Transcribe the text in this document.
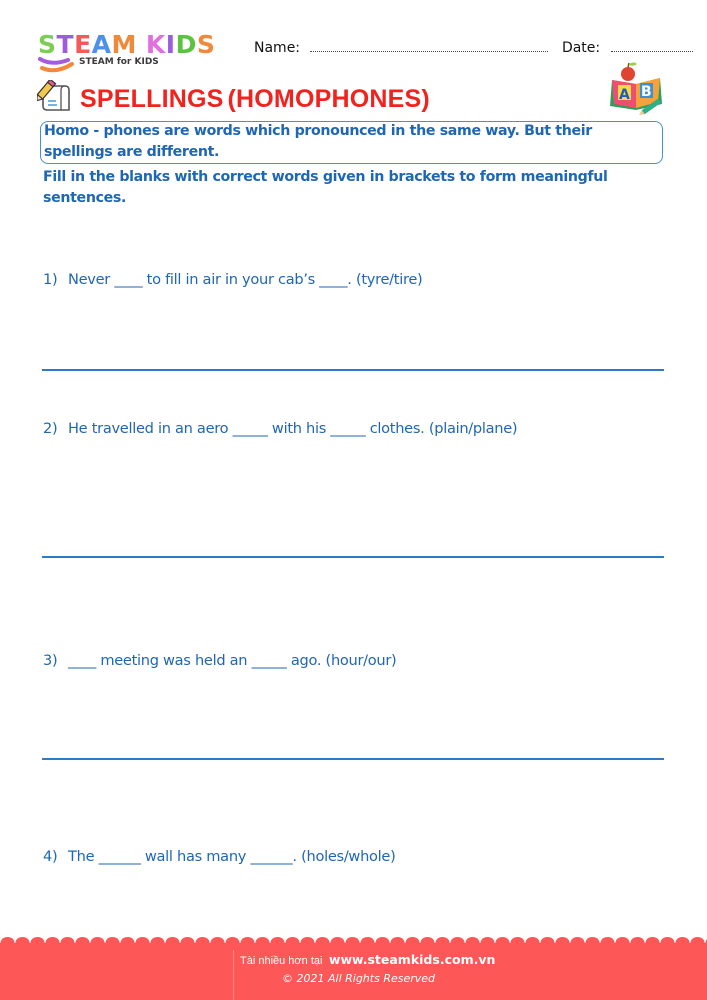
STEAM KIDS
STEAM for KIDS
Name:	Date:
SPELLINGS (HOMOPHONES)	A B
Homo - phones are words which pronounced in the same way. But their spellings are different.
Fill in the blanks with correct words given in brackets to form meaningful sentences.
1) Never ____ to fill in air in your cab’s ____. (tyre/tire)
2) He travelled in an aero _____ with his _____ clothes. (plain/plane)
3) ____ meeting was held an _____ ago. (hour/our)
4) The ______ wall has many ______. (holes/whole)
Tài nhiều hơn tại www.steamkids.com.vn
© 2021 All Rights Reserved
